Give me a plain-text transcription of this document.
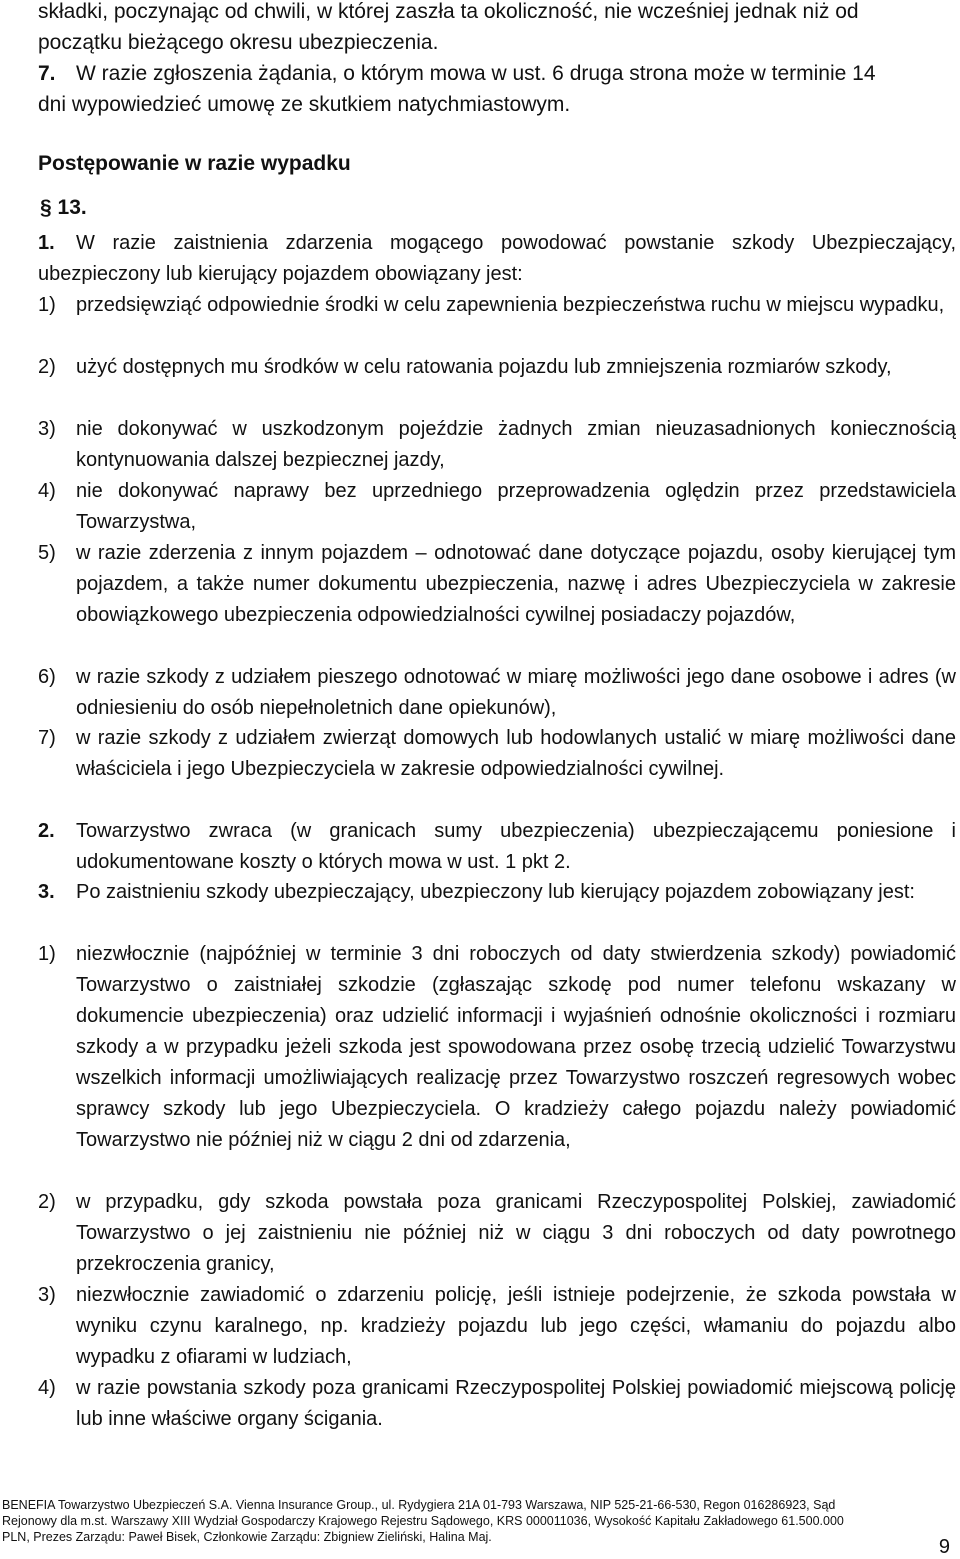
składki, poczynając od chwili, w której zaszła ta okoliczność, nie wcześniej jednak niż od
początku bieżącego okresu ubezpieczenia.
7. W razie zgłoszenia żądania, o którym mowa w ust. 6 druga strona może w terminie 14
dni wypowiedzieć umowę ze skutkiem natychmiastowym.
Postępowanie w razie wypadku
§ 13.
1.	W razie zaistnienia zdarzenia mogącego powodować powstanie szkody Ubezpieczający, ubezpieczony lub kierujący pojazdem obowiązany jest:
1) przedsięwziąć odpowiednie środki w celu zapewnienia bezpieczeństwa ruchu w miejscu wypadku,
2) użyć dostępnych mu środków w celu ratowania pojazdu lub zmniejszenia rozmiarów szkody,
3) nie dokonywać w uszkodzonym pojeździe żadnych zmian nieuzasadnionych koniecznością kontynuowania dalszej bezpiecznej jazdy,
4) nie dokonywać naprawy bez uprzedniego przeprowadzenia oględzin przez przedstawiciela Towarzystwa,
5) w razie zderzenia z innym pojazdem – odnotować dane dotyczące pojazdu, osoby kierującej tym pojazdem, a także numer dokumentu ubezpieczenia, nazwę i adres Ubezpieczyciela w zakresie obowiązkowego ubezpieczenia odpowiedzialności cywilnej posiadaczy pojazdów,
6) w razie szkody z udziałem pieszego odnotować w miarę możliwości jego dane osobowe i adres (w odniesieniu do osób niepełnoletnich dane opiekunów),
7) w razie szkody z udziałem zwierząt domowych lub hodowlanych ustalić w miarę możliwości dane właściciela i jego Ubezpieczyciela w zakresie odpowiedzialności cywilnej.
2. Towarzystwo zwraca (w granicach sumy ubezpieczenia) ubezpieczającemu poniesione i udokumentowane koszty o których mowa w ust. 1 pkt 2.
3. Po zaistnieniu szkody ubezpieczający, ubezpieczony lub kierujący pojazdem zobowiązany jest:
1) niezwłocznie (najpóźniej w terminie 3 dni roboczych od daty stwierdzenia szkody) powiadomić Towarzystwo o zaistniałej szkodzie (zgłaszając szkodę pod numer telefonu wskazany w dokumencie ubezpieczenia) oraz udzielić informacji i wyjaśnień odnośnie okoliczności i rozmiaru szkody a w przypadku jeżeli szkoda jest spowodowana przez osobę trzecią udzielić Towarzystwu wszelkich informacji umożliwiających realizację przez Towarzystwo roszczeń regresowych wobec sprawcy szkody lub jego Ubezpieczyciela. O kradzieży całego pojazdu należy powiadomić Towarzystwo nie później niż w ciągu 2 dni od zdarzenia,
2) w przypadku, gdy szkoda powstała poza granicami Rzeczypospolitej Polskiej, zawiadomić Towarzystwo o jej zaistnieniu nie później niż w ciągu 3 dni roboczych od daty powrotnego przekroczenia granicy,
3) niezwłocznie zawiadomić o zdarzeniu policję, jeśli istnieje podejrzenie, że szkoda powstała w wyniku czynu karalnego, np. kradzieży pojazdu lub jego części, włamaniu do pojazdu albo wypadku z ofiarami w ludziach,
4) w razie powstania szkody poza granicami Rzeczypospolitej Polskiej powiadomić miejscową policję lub inne właściwe organy ścigania.
BENEFIA Towarzystwo Ubezpieczeń S.A. Vienna Insurance Group., ul. Rydygiera 21A 01-793 Warszawa, NIP 525-21-66-530, Regon 016286923, Sąd
Rejonowy dla m.st. Warszawy XIII Wydział Gospodarczy Krajowego Rejestru Sądowego, KRS 000011036, Wysokość Kapitału Zakładowego 61.500.000
PLN, Prezes Zarządu: Paweł Bisek, Członkowie Zarządu: Zbigniew Zieliński, Halina Maj.	9
